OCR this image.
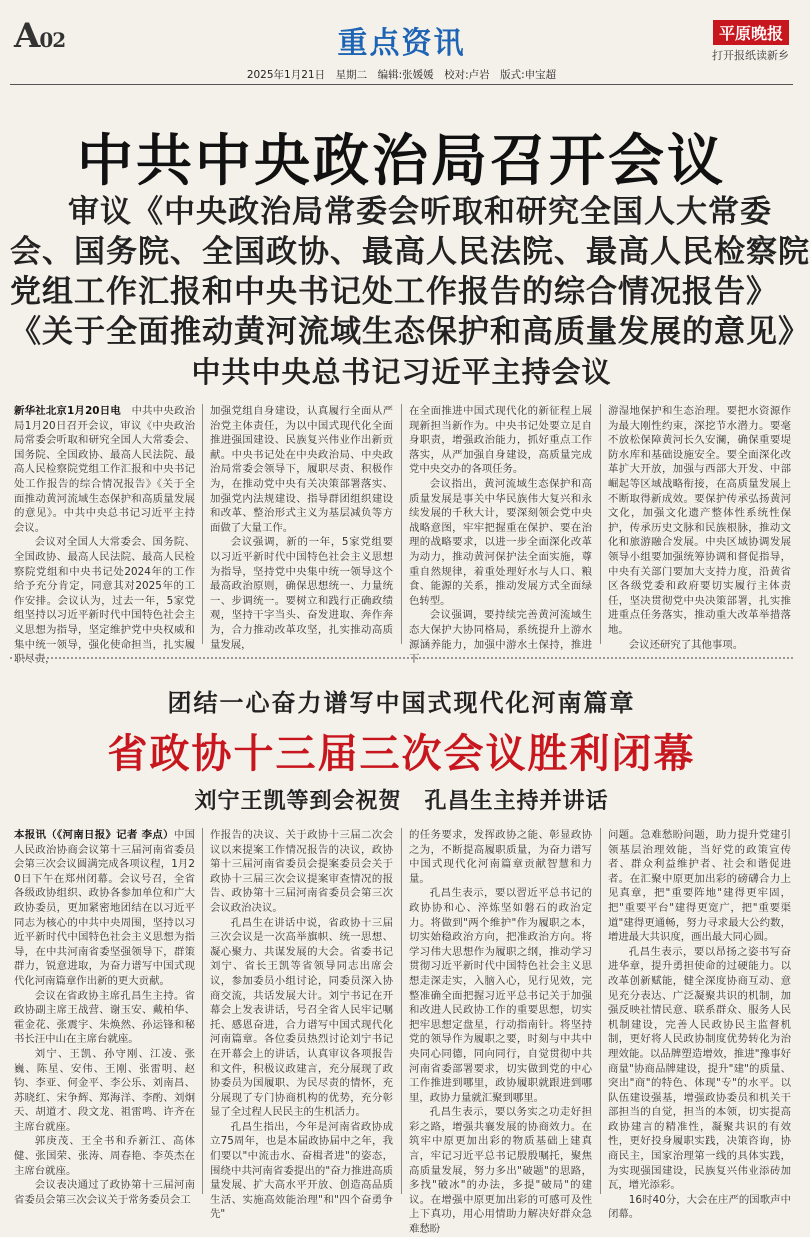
A02	重点资讯	平原晚报
打开报纸读新乡
2025年1月21日　星期二　编辑:张媛媛　校对:卢岩　版式:申宝超
中共中央政治局召开会议
审议《中央政治局常委会听取和研究全国人大常委
会、国务院、全国政协、最高人民法院、最高人民检察院
党组工作汇报和中央书记处工作报告的综合情况报告》
《关于全面推动黄河流域生态保护和高质量发展的意见》
中共中央总书记习近平主持会议

新华社北京1月20日电　 中共中央政治局1月20日召开会议，审议《中央政治局常委会听取和研究全国人大常委会、国务院、全国政协、最高人民法院、最高人民检察院党组工作汇报和中央书记处工作报告的综合情况报告》《关于全面推动黄河流域生态保护和高质量发展的意见》。中共中央总书记习近平主持会议。

会议对全国人大常委会、国务院、全国政协、最高人民法院、最高人民检察院党组和中央书记处2024年的工作给予充分肯定，同意其对2025年的工作安排。会议认为，过去一年，5家党组坚持以习近平新时代中国特色社会主义思想为指导，坚定维护党中央权威和集中统一领导，强化使命担当，扎实履职尽责，

加强党组自身建设，认真履行全面从严治党主体责任，为以中国式现代化全面推进强国建设、民族复兴伟业作出新贡献。中央书记处在中央政治局、中央政治局常委会领导下，履职尽责、积极作为，在推动党中央有关决策部署落实、加强党内法规建设、指导群团组织建设和改革、整治形式主义为基层减负等方面做了大量工作。

会议强调，新的一年，5家党组要以习近平新时代中国特色社会主义思想为指导，坚持党中央集中统一领导这个最高政治原则，确保思想统一、力量统一、步调统一。要树立和践行正确政绩观，坚持干字当头、奋发进取、奔作奔为，合力推动改革攻坚，扎实推动高质量发展，

在全面推进中国式现代化的新征程上展现新担当新作为。中央书记处要立足自身职责，增强政治能力，抓好重点工作落实，从严加强自身建设，高质量完成党中央交办的各项任务。

会议指出，黄河流域生态保护和高质量发展是事关中华民族伟大复兴和永续发展的千秋大计，要深刻领会党中央战略意图，牢牢把握重在保护、要在治理的战略要求，以进一步全面深化改革为动力，推动黄河保护法全面实施，尊重自然规律，着重处理好水与人口、粮食、能源的关系，推动发展方式全面绿色转型。

会议强调，要持续完善黄河流域生态大保护大协同格局，系统提升上游水源涵养能力，加强中游水土保持，推进下

游湿地保护和生态治理。要把水资源作为最大刚性约束，深挖节水潜力。要毫不放松保障黄河长久安澜，确保重要堤防水库和基础设施安全。要全面深化改革扩大开放，加强与西部大开发、中部崛起等区域战略衔接，在高质量发展上不断取得新成效。要保护传承弘扬黄河文化，加强文化遗产整体性系统性保护，传承历史文脉和民族根脉，推动文化和旅游融合发展。中央区域协调发展领导小组要加强统筹协调和督促指导，中央有关部门要加大支持力度，沿黄省区各级党委和政府要切实履行主体责任，坚决贯彻党中央决策部署，扎实推进重点任务落实，推动重大改革举措落地。

会议还研究了其他事项。

团结一心奋力谱写中国式现代化河南篇章
省政协十三届三次会议胜利闭幕
刘宁王凯等到会祝贺　孔昌生主持并讲话

本报讯（《河南日报》记者 李点）中国人民政治协商会议第十三届河南省委员会第三次会议圆满完成各项议程，1月20日下午在郑州闭幕。会议号召，全省各级政协组织、政协各参加单位和广大政协委员，更加紧密地团结在以习近平同志为核心的中共中央周围，坚持以习近平新时代中国特色社会主义思想为指导，在中共河南省委坚强领导下，群策群力，锐意进取，为奋力谱写中国式现代化河南篇章作出新的更大贡献。

会议在省政协主席孔昌生主持。省政协副主席王战营、谢玉安、戴柏华、霍金花、张震宇、朱焕然、孙运锋和秘书长汪中山在主席台就座。

刘宁、王凯、孙守刚、江凌、张巍、陈星、安伟、王刚、张雷明、赵钧、李亚、何金平、李公乐、刘南昌、苏晓红、宋争辉、郑海洋、李酌、刘炯天、胡道才、段文龙、祖雷鸣、许齐在主席台就座。

郭庚茂、王全书和乔新江、高体健、张国荣、张涛、周春艳、李英杰在主席台就座。

会议表决通过了政协第十三届河南省委员会第三次会议关于常务委员会工

作报告的决议、关于政协十三届二次会议以来提案工作情况报告的决议，政协第十三届河南省委员会提案委员会关于政协十三届三次会议提案审查情况的报告、政协第十三届河南省委员会第三次会议政治决议。

孔昌生在讲话中说，省政协十三届三次会议是一次高举旗帜、统一思想、凝心聚力、共谋发展的大会。省委书记刘宁、省长王凯等省领导同志出席会议，参加委员小组讨论，同委员深入协商交流，共话发展大计。刘宁书记在开幕会上发表讲话，号召全省人民牢记嘱托、感恩奋进，合力谱写中国式现代化河南篇章。各位委员热烈讨论刘宁书记在开幕会上的讲话，认真审议各项报告和文件，积极议政建言，充分展现了政协委员为国履职、为民尽责的情怀，充分展现了专门协商机构的优势，充分彰显了全过程人民民主的生机活力。

孔昌生指出，今年是河南省政协成立75周年，也是本届政协届中之年，我们要以"中流击水、奋楫者进"的姿态，围绕中共河南省委提出的"奋力推进高质量发展、扩大高水平开放、创造高品质生活、实施高效能治理"和"四个奋勇争先"

的任务要求，发挥政协之能、彰显政协之为，不断提高履职质量，为奋力谱写中国式现代化河南篇章贡献智慧和力量。

孔昌生表示，要以習近平总书记的政协协和心、淬炼坚如磐石的政治定力。将做到"两个维护"作为履职之本，切实始稳政治方向，把准政治方向。将学习伟大思想作为履职之纲，推动学习贯彻习近平新时代中国特色社会主义思想走深走实，入脑入心，见行见效，完整准确全面把握习近平总书记关于加强和改进人民政协工作的重要思想，切实把牢思想定盘星，行动指南针。将坚持党的领导作为履职之要，时刻与中共中央同心同德，同向同行，自觉贯彻中共河南省委部署要求，切实做到党的中心工作推进到哪里，政协履职就跟进到哪里，政协力量就汇聚到哪里。

孔昌生表示，要以务实之功走好担彩之路，增强共襄发展的协商效力。在筑牢中原更加出彩的物质基础上建真言，牢记习近平总书记殷殷嘱托，聚焦高质量发展，努力多出"破题"的思路，多找"破冰"的办法，多提"破局"的建议。在增强中原更加出彩的可感可及性上下真功，用心用情助力解决好群众急难愁盼

问题。急难愁盼问题，助力提升党建引领基层治理效能，当好党的政策宣传者、群众利益维护者、社会和谐促进者。在汇聚中原更加出彩的磅礴合力上见真章，把"重要阵地"建得更牢固，把"重要平台"建得更宽广，把"重要渠道"建得更通畅，努力寻求最大公约数，增进最大共识度，画出最大同心圆。

孔昌生表示，要以昂扬之姿书写奋进华章，提升勇担使命的过硬能力。以改革创新赋能，健全深度协商互动、意见充分表达、广泛凝聚共识的机制，加强反映社情民意、联系群众、服务人民机制建设，完善人民政协民主监督机制，更好将人民政协制度优势转化为治理效能。以品牌塑造增效，推进"豫事好商量"协商品牌建设，提升"建"的质量、突出"商"的特色、体现"专"的水平。以队伍建设强基，增强政协委员和机关干部担当的自觉，担当的本领，切实提高政协建言的精准性，凝聚共识的有效性，更好投身履职实践，决策咨询，协商民主，国家治理第一线的具体实践，为实现强国建设，民族复兴伟业添砖加瓦，增光添彩。

16时40分，大会在庄严的国歌声中闭幕。
